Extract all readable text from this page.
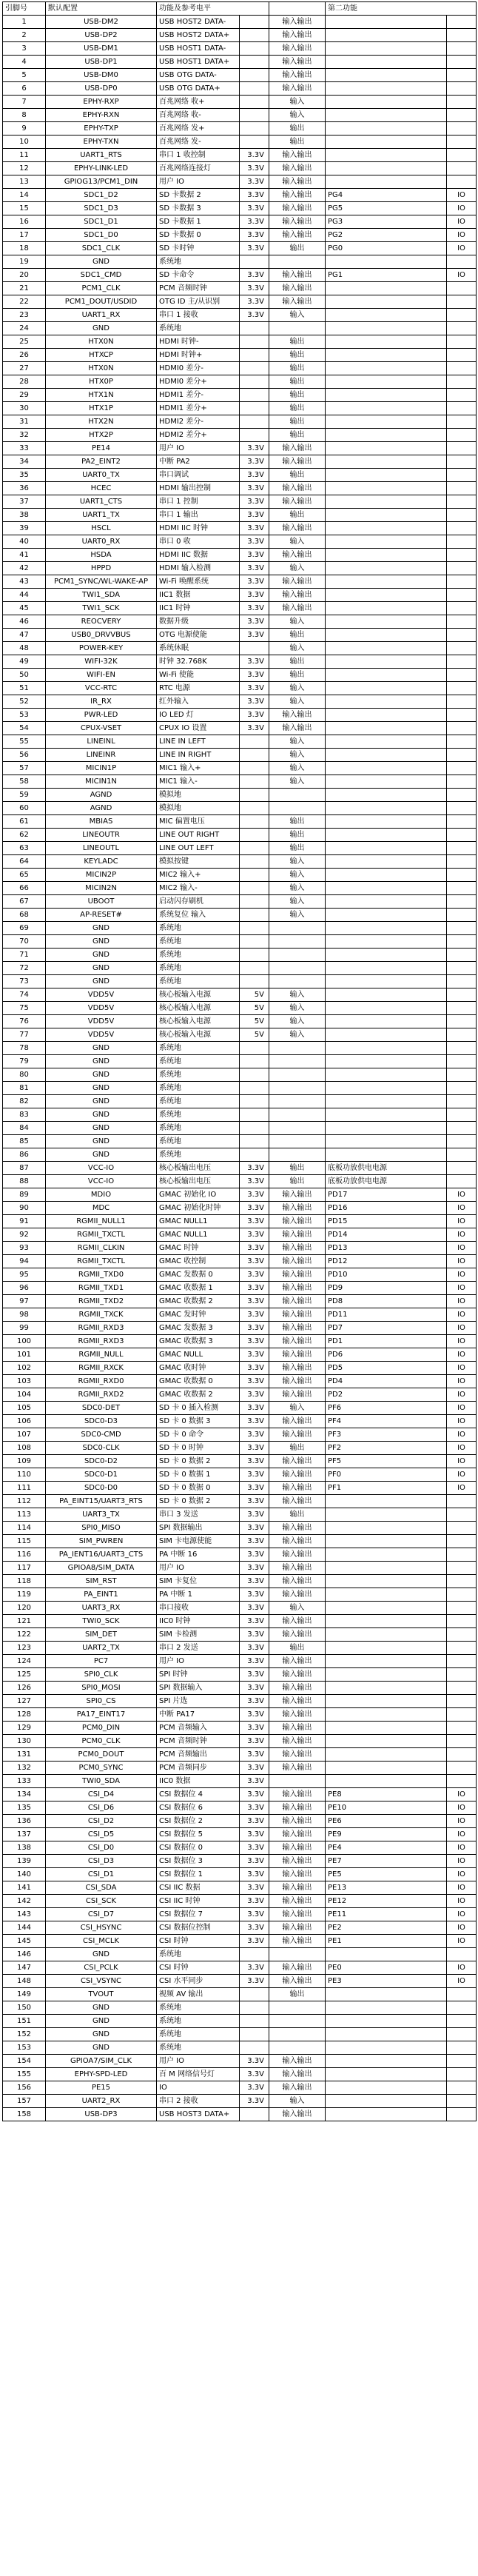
引脚号	默认配置	功能及参考电平			第二功能	
1	USB-DM2	USB HOST2 DATA-		输入输出		
2	USB-DP2	USB HOST2 DATA+		输入输出		
3	USB-DM1	USB HOST1 DATA-		输入输出		
4	USB-DP1	USB HOST1 DATA+		输入输出		
5	USB-DM0	USB OTG DATA-		输入输出		
6	USB-DP0	USB OTG DATA+		输入输出		
7	EPHY-RXP	百兆网络 收+		输入		
8	EPHY-RXN	百兆网络 收-		输入		
9	EPHY-TXP	百兆网络 发+		输出		
10	EPHY-TXN	百兆网络 发-		输出		
11	UART1_RTS	串口 1 收控制	3.3V	输入输出		
12	EPHY-LINK-LED	百兆网络连接灯	3.3V	输入输出		
13	GPIOG13/PCM1_DIN	用户 IO	3.3V	输入输出		
14	SDC1_D2	SD 卡数据 2	3.3V	输入输出	PG4	IO
15	SDC1_D3	SD 卡数据 3	3.3V	输入输出	PG5	IO
16	SDC1_D1	SD 卡数据 1	3.3V	输入输出	PG3	IO
17	SDC1_D0	SD 卡数据 0	3.3V	输入输出	PG2	IO
18	SDC1_CLK	SD 卡时钟	3.3V	输出	PG0	IO
19	GND	系统地				
20	SDC1_CMD	SD 卡命令	3.3V	输入输出	PG1	IO
21	PCM1_CLK	PCM 音频时钟	3.3V	输入输出		
22	PCM1_DOUT/USDID	OTG ID 主/从识别	3.3V	输入输出		
23	UART1_RX	串口 1 接收	3.3V	输入		
24	GND	系统地				
25	HTX0N	HDMI 时钟-		输出		
26	HTXCP	HDMI 时钟+		输出		
27	HTX0N	HDMI0 差分-		输出		
28	HTX0P	HDMI0 差分+		输出		
29	HTX1N	HDMI1 差分-		输出		
30	HTX1P	HDMI1 差分+		输出		
31	HTX2N	HDMI2 差分-		输出		
32	HTX2P	HDMI2 差分+		输出		
33	PE14	用户 IO	3.3V	输入输出		
34	PA2_EINT2	中断 PA2	3.3V	输入输出		
35	UART0_TX	串口调试	3.3V	输出		
36	HCEC	HDMI 输出控制	3.3V	输入输出		
37	UART1_CTS	串口 1 控制	3.3V	输入输出		
38	UART1_TX	串口 1 输出	3.3V	输出		
39	HSCL	HDMI IIC 时钟	3.3V	输入输出		
40	UART0_RX	串口 0 收	3.3V	输入		
41	HSDA	HDMI IIC 数据	3.3V	输入输出		
42	HPPD	HDMI 输入检测	3.3V	输入		
43	PCM1_SYNC/WL-WAKE-AP	Wi-Fi 唤醒系统	3.3V	输入输出		
44	TWI1_SDA	IIC1 数据	3.3V	输入输出		
45	TWI1_SCK	IIC1 时钟	3.3V	输入输出		
46	REOCVERY	数据升级	3.3V	输入		
47	USB0_DRVVBUS	OTG 电源使能	3.3V	输出		
48	POWER-KEY	系统休眠		输入		
49	WIFI-32K	时钟 32.768K	3.3V	输出		
50	WIFI-EN	Wi-Fi 使能	3.3V	输出		
51	VCC-RTC	RTC 电源	3.3V	输入		
52	IR_RX	红外输入	3.3V	输入		
53	PWR-LED	IO LED 灯	3.3V	输入输出		
54	CPUX-VSET	CPUX IO 设置	3.3V	输入输出		
55	LINEINL	LINE IN LEFT		输入		
56	LINEINR	LINE IN RIGHT		输入		
57	MICIN1P	MIC1 输入+		输入		
58	MICIN1N	MIC1 输入-		输入		
59	AGND	模拟地				
60	AGND	模拟地				
61	MBIAS	MIC 偏置电压		输出		
62	LINEOUTR	LINE OUT RIGHT		输出		
63	LINEOUTL	LINE OUT LEFT		输出		
64	KEYLADC	模拟按键		输入		
65	MICIN2P	MIC2 输入+		输入		
66	MICIN2N	MIC2 输入-		输入		
67	UBOOT	启动闪存刷机		输入		
68	AP-RESET#	系统复位 输入		输入		
69	GND	系统地				
70	GND	系统地				
71	GND	系统地				
72	GND	系统地				
73	GND	系统地				
74	VDD5V	核心板输入电源	5V	输入		
75	VDD5V	核心板输入电源	5V	输入		
76	VDD5V	核心板输入电源	5V	输入		
77	VDD5V	核心板输入电源	5V	输入		
78	GND	系统地				
79	GND	系统地				
80	GND	系统地				
81	GND	系统地				
82	GND	系统地				
83	GND	系统地				
84	GND	系统地				
85	GND	系统地				
86	GND	系统地				
87	VCC-IO	核心板输出电压	3.3V	输出	底板功放供电电源	
88	VCC-IO	核心板输出电压	3.3V	输出	底板功放供电电源	
89	MDIO	GMAC 初始化 IO	3.3V	输入输出	PD17	IO
90	MDC	GMAC 初始化时钟	3.3V	输入输出	PD16	IO
91	RGMII_NULL1	GMAC NULL1	3.3V	输入输出	PD15	IO
92	RGMII_TXCTL	GMAC NULL1	3.3V	输入输出	PD14	IO
93	RGMII_CLKIN	GMAC 时钟	3.3V	输入输出	PD13	IO
94	RGMII_TXCTL	GMAC 收控制	3.3V	输入输出	PD12	IO
95	RGMII_TXD0	GMAC 发数据 0	3.3V	输入输出	PD10	IO
96	RGMII_TXD1	GMAC 收数据 1	3.3V	输入输出	PD9	IO
97	RGMII_TXD2	GMAC 收数据 2	3.3V	输入输出	PD8	IO
98	RGMII_TXCK	GMAC 发时钟	3.3V	输入输出	PD11	IO
99	RGMII_RXD3	GMAC 发数据 3	3.3V	输入输出	PD7	IO
100	RGMII_RXD3	GMAC 收数据 3	3.3V	输入输出	PD1	IO
101	RGMII_NULL	GMAC NULL	3.3V	输入输出	PD6	IO
102	RGMII_RXCK	GMAC 收时钟	3.3V	输入输出	PD5	IO
103	RGMII_RXD0	GMAC 收数据 0	3.3V	输入输出	PD4	IO
104	RGMII_RXD2	GMAC 收数据 2	3.3V	输入输出	PD2	IO
105	SDC0-DET	SD 卡 0 插入检测	3.3V	输入	PF6	IO
106	SDC0-D3	SD 卡 0 数据 3	3.3V	输入输出	PF4	IO
107	SDC0-CMD	SD 卡 0 命令	3.3V	输入输出	PF3	IO
108	SDC0-CLK	SD 卡 0 时钟	3.3V	输出	PF2	IO
109	SDC0-D2	SD 卡 0 数据 2	3.3V	输入输出	PF5	IO
110	SDC0-D1	SD 卡 0 数据 1	3.3V	输入输出	PF0	IO
111	SDC0-D0	SD 卡 0 数据 0	3.3V	输入输出	PF1	IO
112	PA_EINT15/UART3_RTS	SD 卡 0 数据 2	3.3V	输入输出		
113	UART3_TX	串口 3 发送	3.3V	输出		
114	SPI0_MISO	SPI 数据输出	3.3V	输入输出		
115	SIM_PWREN	SIM 卡电源使能	3.3V	输入输出		
116	PA_IENT16/UART3_CTS	PA 中断 16	3.3V	输入输出		
117	GPIOA8/SIM_DATA	用户 IO	3.3V	输入输出		
118	SIM_RST	SIM 卡复位	3.3V	输入输出		
119	PA_EINT1	PA 中断 1	3.3V	输入输出		
120	UART3_RX	串口接收	3.3V	输入		
121	TWI0_SCK	IIC0 时钟	3.3V	输入输出		
122	SIM_DET	SIM 卡检测	3.3V	输入输出		
123	UART2_TX	串口 2 发送	3.3V	输出		
124	PC7	用户 IO	3.3V	输入输出		
125	SPI0_CLK	SPI 时钟	3.3V	输入输出		
126	SPI0_MOSI	SPI 数据输入	3.3V	输入输出		
127	SPI0_CS	SPI 片选	3.3V	输入输出		
128	PA17_EINT17	中断 PA17	3.3V	输入输出		
129	PCM0_DIN	PCM 音频输入	3.3V	输入输出		
130	PCM0_CLK	PCM 音频时钟	3.3V	输入输出		
131	PCM0_DOUT	PCM 音频输出	3.3V	输入输出		
132	PCM0_SYNC	PCM 音频同步	3.3V	输入输出		
133	TWI0_SDA	IIC0 数据	3.3V			
134	CSI_D4	CSI 数据位 4	3.3V	输入输出	PE8	IO
135	CSI_D6	CSI 数据位 6	3.3V	输入输出	PE10	IO
136	CSI_D2	CSI 数据位 2	3.3V	输入输出	PE6	IO
137	CSI_D5	CSI 数据位 5	3.3V	输入输出	PE9	IO
138	CSI_D0	CSI 数据位 0	3.3V	输入输出	PE4	IO
139	CSI_D3	CSI 数据位 3	3.3V	输入输出	PE7	IO
140	CSI_D1	CSI 数据位 1	3.3V	输入输出	PE5	IO
141	CSI_SDA	CSI IIC 数据	3.3V	输入输出	PE13	IO
142	CSI_SCK	CSI IIC 时钟	3.3V	输入输出	PE12	IO
143	CSI_D7	CSI 数据位 7	3.3V	输入输出	PE11	IO
144	CSI_HSYNC	CSI 数据位控制	3.3V	输入输出	PE2	IO
145	CSI_MCLK	CSI 时钟	3.3V	输入输出	PE1	IO
146	GND	系统地				
147	CSI_PCLK	CSI 时钟	3.3V	输入输出	PE0	IO
148	CSI_VSYNC	CSI 水平同步	3.3V	输入输出	PE3	IO
149	TVOUT	视频 AV 输出		输出		
150	GND	系统地				
151	GND	系统地				
152	GND	系统地				
153	GND	系统地				
154	GPIOA7/SIM_CLK	用户 IO	3.3V	输入输出		
155	EPHY-SPD-LED	百 M 网络信号灯	3.3V	输入输出		
156	PE15	IO	3.3V	输入输出		
157	UART2_RX	串口 2 接收	3.3V	输入		
158	USB-DP3	USB HOST3 DATA+		输入输出		
